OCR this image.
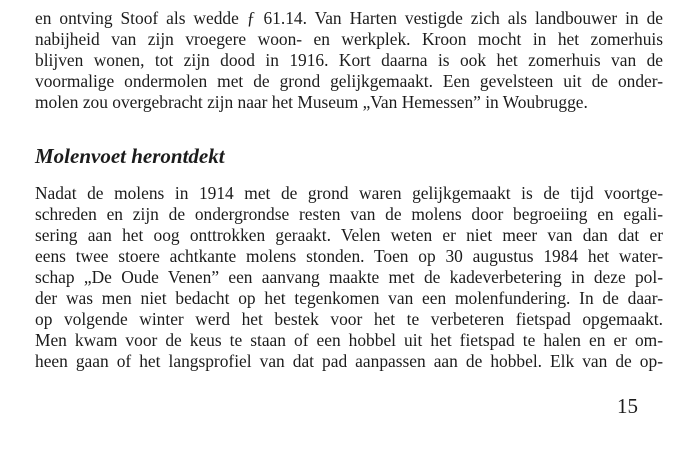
en ontving Stoof als wedde ƒ 61.14. Van Harten vestigde zich als landbouwer in de
nabijheid van zijn vroegere woon- en werkplek. Kroon mocht in het zomerhuis
blijven wonen, tot zijn dood in 1916. Kort daarna is ook het zomerhuis van de
voormalige ondermolen met de grond gelijkgemaakt. Een gevelsteen uit de onder-
molen zou overgebracht zijn naar het Museum „Van Hemessen” in Woubrugge.
Molenvoet herontdekt
Nadat de molens in 1914 met de grond waren gelijkgemaakt is de tijd voortge-
schreden en zijn de ondergrondse resten van de molens door begroeiing en egali-
sering aan het oog onttrokken geraakt. Velen weten er niet meer van dan dat er
eens twee stoere achtkante molens stonden. Toen op 30 augustus 1984 het water-
schap „De Oude Venen” een aanvang maakte met de kadeverbetering in deze pol-
der was men niet bedacht op het tegenkomen van een molenfundering. In de daar-
op volgende winter werd het bestek voor het te verbeteren fietspad opgemaakt.
Men kwam voor de keus te staan of een hobbel uit het fietspad te halen en er om-
heen gaan of het langsprofiel van dat pad aanpassen aan de hobbel. Elk van de op-
15
